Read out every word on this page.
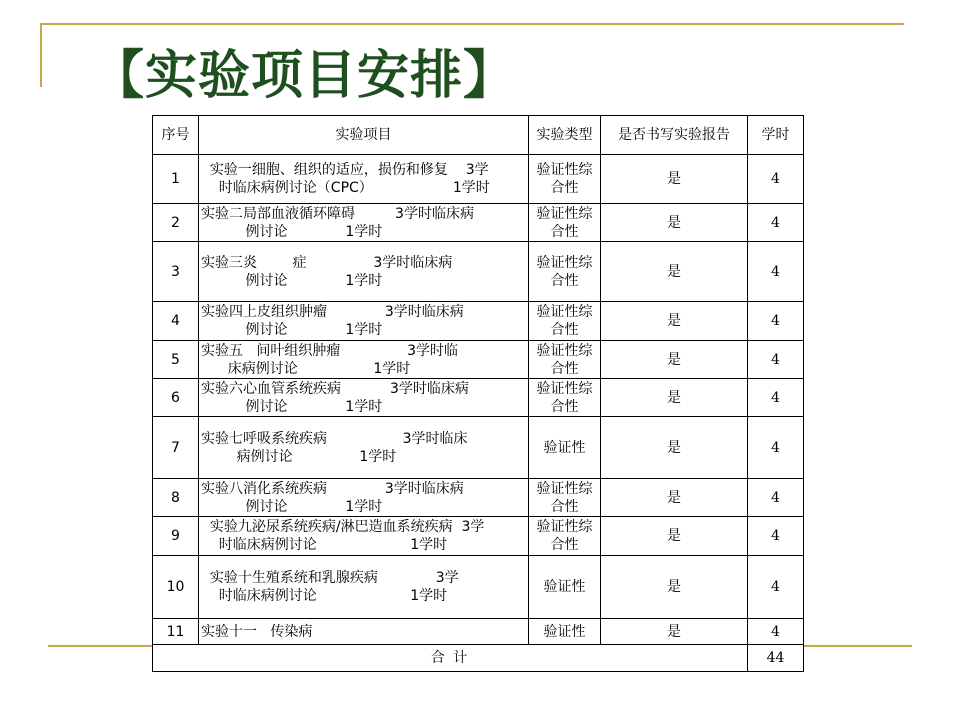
【实验项目安排】
序号	实验项目	实验类型	是否书写实验报告	学时
1	实验一细胞、组织的适应，损伤和修复    3学
时临床病例讨论（CPC）                  1学时	验证性综
合性	是	4
2	实验二局部血液循环障碍         3学时临床病
例讨论             1学时	验证性综
合性	是	4
3	实验三炎        症               3学时临床病
例讨论             1学时	验证性综
合性	是	4
4	实验四上皮组织肿瘤             3学时临床病
例讨论             1学时	验证性综
合性	是	4
5	实验五   间叶组织肿瘤               3学时临
床病例讨论                 1学时	验证性综
合性	是	4
6	实验六心血管系统疾病           3学时临床病
例讨论             1学时	验证性综
合性	是	4
7	实验七呼吸系统疾病                 3学时临床
病例讨论               1学时	验证性	是	4
8	实验八消化系统疾病             3学时临床病
例讨论             1学时	验证性综
合性	是	4
9	实验九泌尿系统疾病/淋巴造血系统疾病  3学
时临床病例讨论                     1学时	验证性综
合性	是	4
10	实验十生殖系统和乳腺疾病             3学
时临床病例讨论                     1学时	验证性	是	4
11	实验十一   传染病	验证性	是	4
合 计				44
